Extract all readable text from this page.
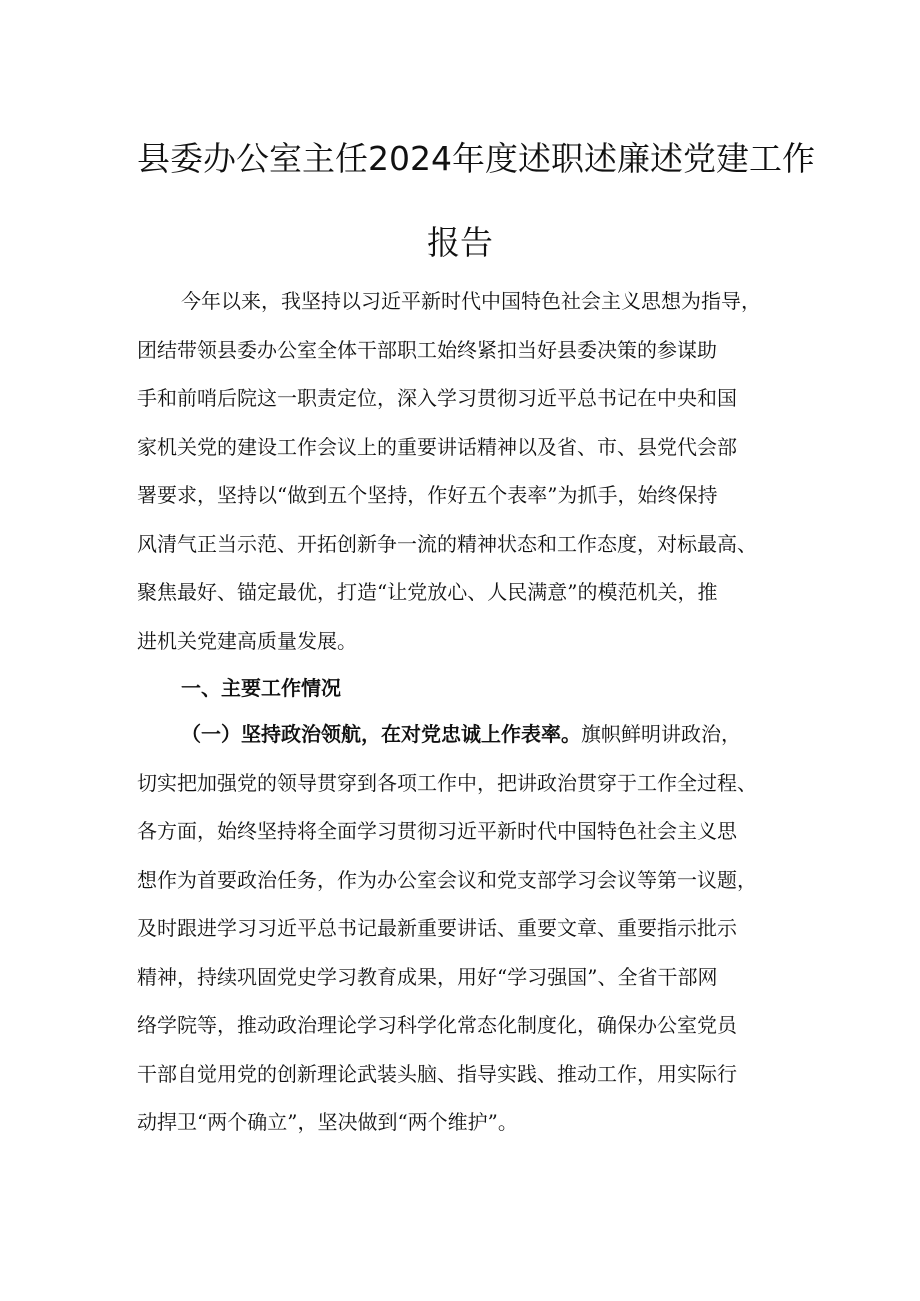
县委办公室主任2024年度述职述廉述党建工作
报告
今年以来，我坚持以习近平新时代中国特色社会主义思想为指导，
团结带领县委办公室全体干部职工始终紧扣当好县委决策的参谋助
手和前哨后院这一职责定位，深入学习贯彻习近平总书记在中央和国
家机关党的建设工作会议上的重要讲话精神以及省、市、县党代会部
署要求，坚持以“做到五个坚持，作好五个表率”为抓手，始终保持
风清气正当示范、开拓创新争一流的精神状态和工作态度，对标最高、
聚焦最好、锚定最优，打造“让党放心、人民满意”的模范机关，推
进机关党建高质量发展。
一、主要工作情况
（一）坚持政治领航，在对党忠诚上作表率。旗帜鲜明讲政治，
切实把加强党的领导贯穿到各项工作中，把讲政治贯穿于工作全过程、
各方面，始终坚持将全面学习贯彻习近平新时代中国特色社会主义思
想作为首要政治任务，作为办公室会议和党支部学习会议等第一议题，
及时跟进学习习近平总书记最新重要讲话、重要文章、重要指示批示
精神，持续巩固党史学习教育成果，用好“学习强国”、全省干部网
络学院等，推动政治理论学习科学化常态化制度化，确保办公室党员
干部自觉用党的创新理论武装头脑、指导实践、推动工作，用实际行
动捍卫“两个确立”，坚决做到“两个维护”。
